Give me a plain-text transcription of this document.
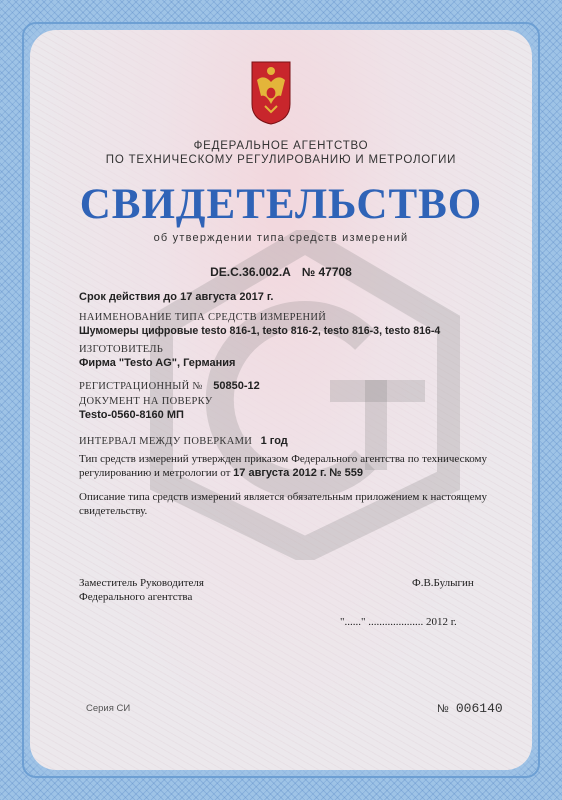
ФЕДЕРАЛЬНОЕ АГЕНТСТВО
ПО ТЕХНИЧЕСКОМУ РЕГУЛИРОВАНИЮ И МЕТРОЛОГИИ
СВИДЕТЕЛЬСТВО
об утверждении типа средств измерений
DE.C.36.002.A № 47708
Срок действия до 17 августа 2017 г.
НАИМЕНОВАНИЕ ТИПА СРЕДСТВ ИЗМЕРЕНИЙ
Шумомеры цифровые testo 816-1, testo 816-2, testo 816-3, testo 816-4
ИЗГОТОВИТЕЛЬ
Фирма "Testo AG", Германия
РЕГИСТРАЦИОННЫЙ № 50850-12
ДОКУМЕНТ НА ПОВЕРКУ
Testo-0560-8160 МП
ИНТЕРВАЛ МЕЖДУ ПОВЕРКАМИ 1 год
Тип средств измерений утвержден приказом Федерального агентства по техническому регулированию и метрологии от 17 августа 2012 г. № 559
Описание типа средств измерений является обязательным приложением к настоящему свидетельству.
Заместитель Руководителя
Федерального агентства
Ф.В.Булыгин
"......" .................... 2012 г.
Серия СИ	№ 006140
